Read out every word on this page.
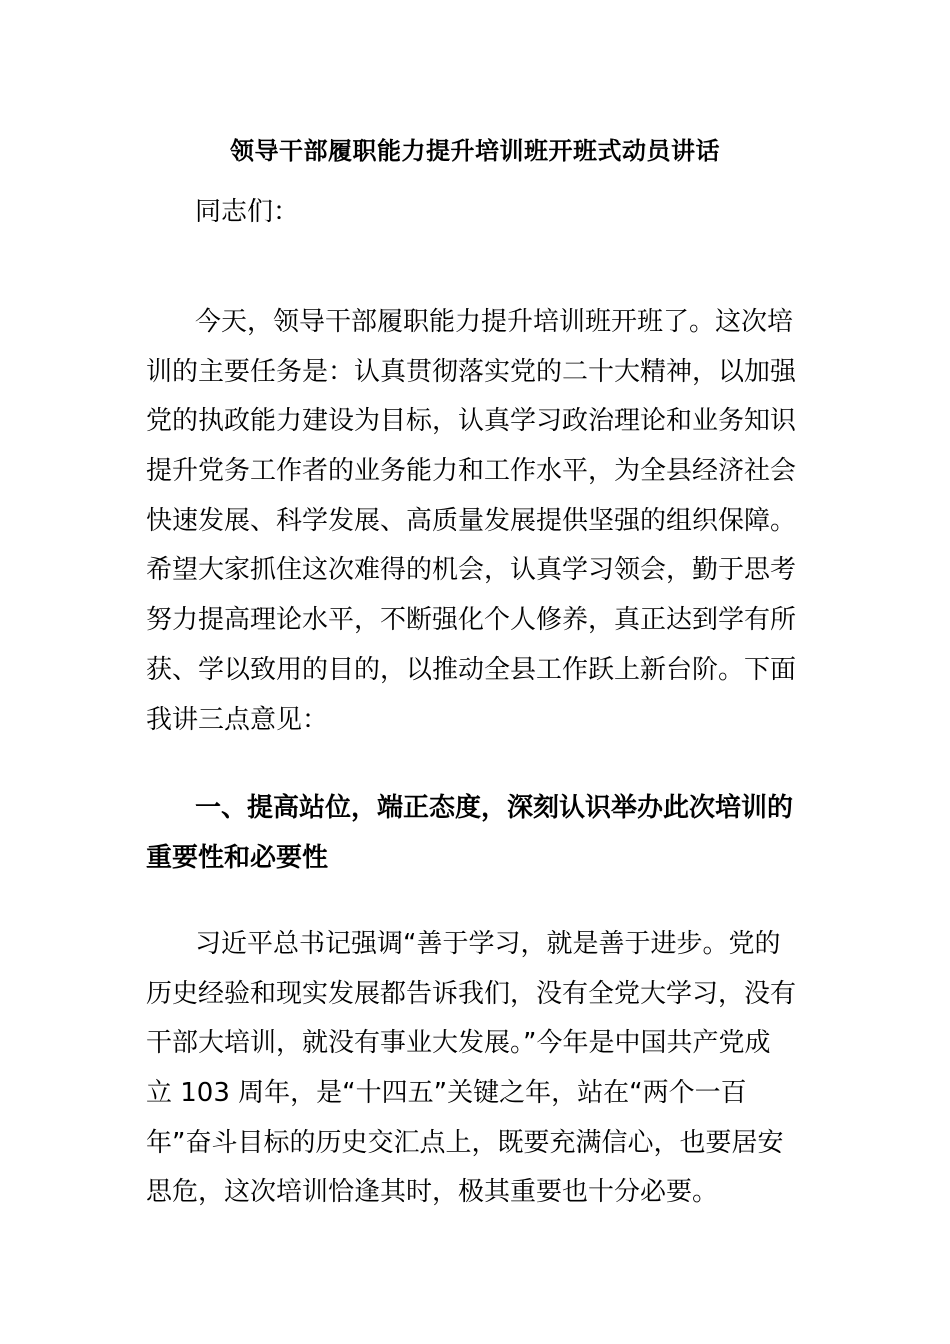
领导干部履职能力提升培训班开班式动员讲话
同志们：
今天，领导干部履职能力提升培训班开班了。这次培
训的主要任务是：认真贯彻落实党的二十大精神，以加强
党的执政能力建设为目标，认真学习政治理论和业务知识
提升党务工作者的业务能力和工作水平，为全县经济社会
快速发展、科学发展、高质量发展提供坚强的组织保障。
希望大家抓住这次难得的机会，认真学习领会，勤于思考
努力提高理论水平，不断强化个人修养，真正达到学有所
获、学以致用的目的，以推动全县工作跃上新台阶。下面
我讲三点意见：
一、提高站位，端正态度，深刻认识举办此次培训的
重要性和必要性
习近平总书记强调“善于学习，就是善于进步。党的
历史经验和现实发展都告诉我们，没有全党大学习，没有
干部大培训，就没有事业大发展。”今年是中国共产党成
立 103 周年，是“十四五”关键之年，站在“两个一百
年”奋斗目标的历史交汇点上，既要充满信心，也要居安
思危，这次培训恰逢其时，极其重要也十分必要。
